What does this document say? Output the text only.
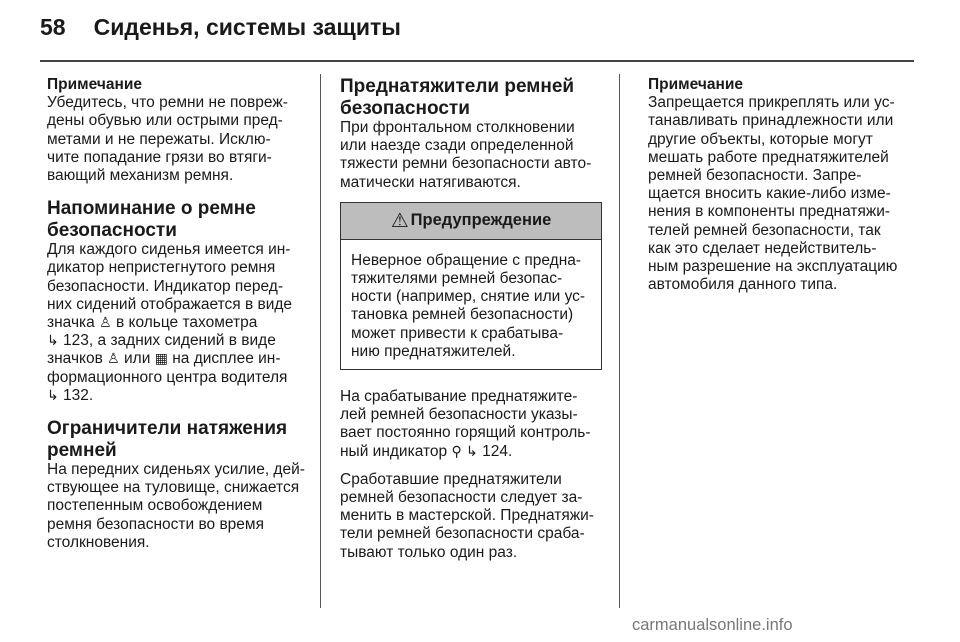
58 Сиденья, системы защиты
Примечание

Убедитесь, что ремни не повреж-

дены обувью или острыми пред-

метами и не пережаты. Исклю-

чите попадание грязи во втяги-

вающий механизм ремня.

Напоминание о ремне
безопасности

Для каждого сиденья имеется ин-

дикатор непристегнутого ремня

безопасности. Индикатор перед-

них сидений отображается в виде

значка ♙ в кольце тахометра

↳ 123, а задних сидений в виде

значков ♙ или ▦ на дисплее ин-

формационного центра водителя

↳ 132.

Ограничители натяжения
ремней

На передних сиденьях усилие, дей-

ствующее на туловище, снижается

постепенным освобождением

ремня безопасности во время

столкновения.

Преднатяжители ремней
безопасности

При фронтальном столкновении

или наезде сзади определенной

тяжести ремни безопасности авто-

матически натягиваются.

⚠ Предупреждение

Неверное обращение с предна-

тяжителями ремней безопас-

ности (например, снятие или ус-

тановка ремней безопасности)

может привести к срабатыва-

нию преднатяжителей.

На срабатывание преднатяжите-

лей ремней безопасности указы-

вает постоянно горящий контроль-

ный индикатор ⚲ ↳ 124.

Сработавшие преднатяжители

ремней безопасности следует за-

менить в мастерской. Преднатяжи-

тели ремней безопасности сраба-

тывают только один раз.

Примечание

Запрещается прикреплять или ус-

танавливать принадлежности или

другие объекты, которые могут

мешать работе преднатяжителей

ремней безопасности. Запре-

щается вносить какие-либо изме-

нения в компоненты преднатяжи-

телей ремней безопасности, так

как это сделает недействитель-

ным разрешение на эксплуатацию

автомобиля данного типа.

carmanualsonline.info
